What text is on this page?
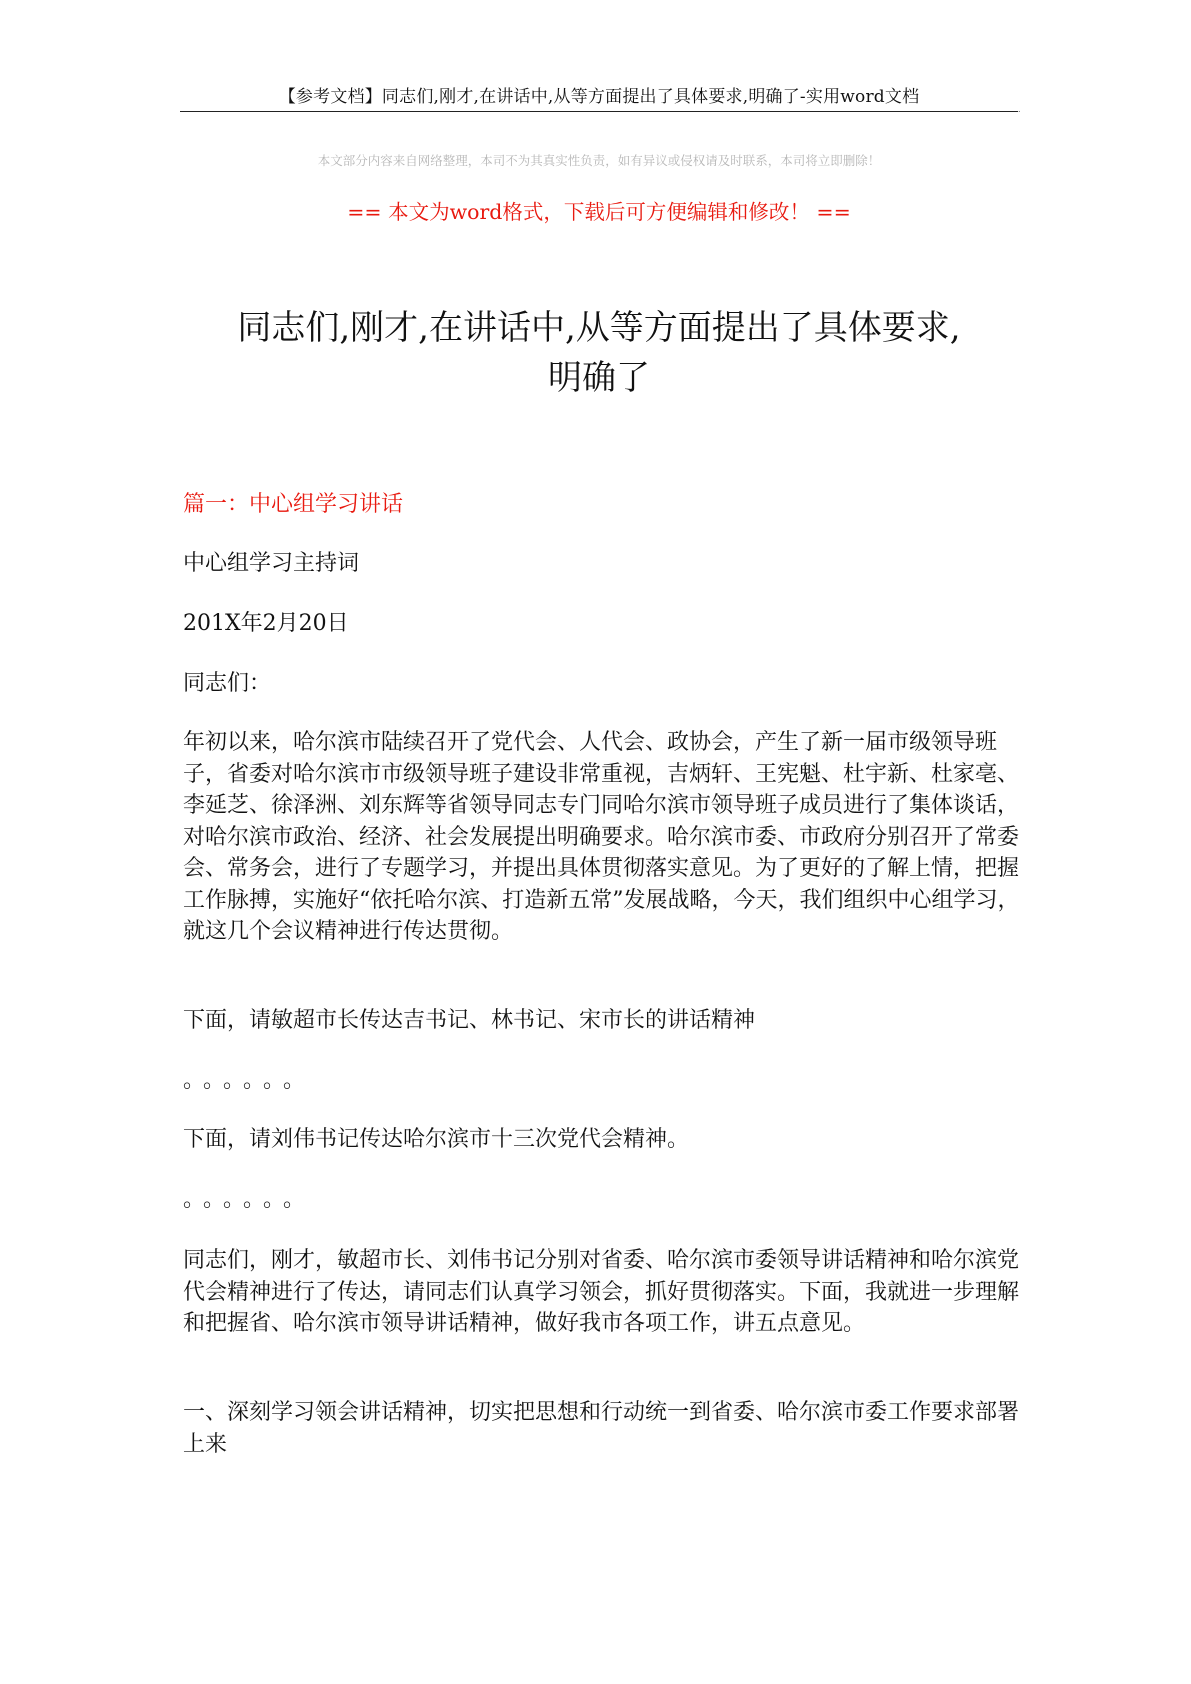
【参考文档】同志们,刚才,在讲话中,从等方面提出了具体要求,明确了-实用word文档
.
本文部分内容来自网络整理，本司不为其真实性负责，如有异议或侵权请及时联系，本司将立即删除！
== 本文为word格式，下载后可方便编辑和修改！ ==
同志们,刚才,在讲话中,从等方面提出了具体要求,
明确了
篇一：中心组学习讲话
中心组学习主持词
201X年2月20日
同志们：
年初以来，哈尔滨市陆续召开了党代会、人代会、政协会，产生了新一届市级领导班子，省委对哈尔滨市市级领导班子建设非常重视，吉炳轩、王宪魁、杜宇新、杜家亳、李延芝、徐泽洲、刘东辉等省领导同志专门同哈尔滨市领导班子成员进行了集体谈话，对哈尔滨市政治、经济、社会发展提出明确要求。哈尔滨市委、市政府分别召开了常委会、常务会，进行了专题学习，并提出具体贯彻落实意见。为了更好的了解上情，把握工作脉搏，实施好“依托哈尔滨、打造新五常”发展战略，今天，我们组织中心组学习，就这几个会议精神进行传达贯彻。
下面，请敏超市长传达吉书记、林书记、宋市长的讲话精神
。。。。。。
下面，请刘伟书记传达哈尔滨市十三次党代会精神。
。。。。。。
同志们，刚才，敏超市长、刘伟书记分别对省委、哈尔滨市委领导讲话精神和哈尔滨党代会精神进行了传达，请同志们认真学习领会，抓好贯彻落实。下面，我就进一步理解和把握省、哈尔滨市领导讲话精神，做好我市各项工作，讲五点意见。
一、深刻学习领会讲话精神，切实把思想和行动统一到省委、哈尔滨市委工作要求部署上来
